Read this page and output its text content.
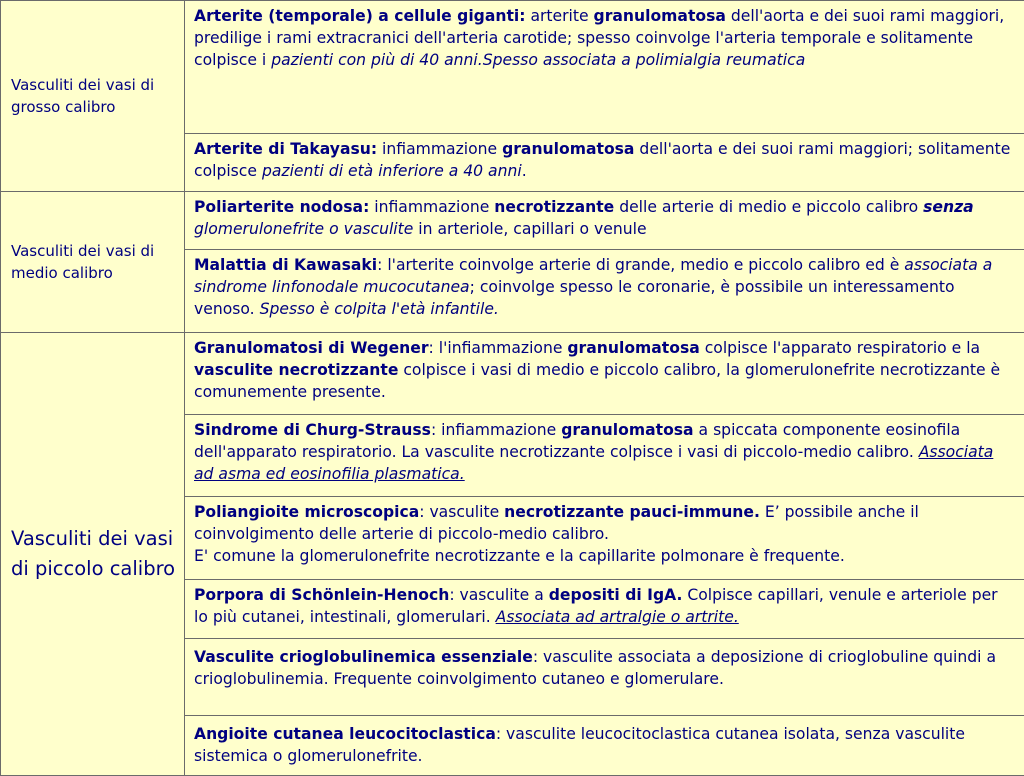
Vasculiti dei vasi di grosso calibro	Arterite (temporale) a cellule giganti: arterite granulomatosa dell'aorta e dei suoi rami maggiori, predilige i rami extracranici dell'arteria carotide; spesso coinvolge l'arteria temporale e solitamente colpisce i pazienti con più di 40 anni.Spesso associata a polimialgia reumatica
	Arterite di Takayasu: infiammazione granulomatosa dell'aorta e dei suoi rami maggiori; solitamente colpisce pazienti di età inferiore a 40 anni.
Vasculiti dei vasi di medio calibro	Poliarterite nodosa: infiammazione necrotizzante delle arterie di medio e piccolo calibro senza glomerulonefrite o vasculite in arteriole, capillari o venule
	Malattia di Kawasaki: l'arterite coinvolge arterie di grande, medio e piccolo calibro ed è associata a sindrome linfonodale mucocutanea; coinvolge spesso le coronarie, è possibile un interessamento venoso. Spesso è colpita l'età infantile.
Vasculiti dei vasi di piccolo calibro	Granulomatosi di Wegener: l'infiammazione granulomatosa colpisce l'apparato respiratorio e la vasculite necrotizzante colpisce i vasi di medio e piccolo calibro, la glomerulonefrite necrotizzante è comunemente presente.
	Sindrome di Churg-Strauss: infiammazione granulomatosa a spiccata componente eosinofila dell'apparato respiratorio. La vasculite necrotizzante colpisce i vasi di piccolo-medio calibro. Associata ad asma ed eosinofilia plasmatica.
	Poliangioite microscopica: vasculite necrotizzante pauci-immune. E’ possibile anche il coinvolgimento delle arterie di piccolo-medio calibro.
E' comune la glomerulonefrite necrotizzante e la capillarite polmonare è frequente.
	Porpora di Schönlein-Henoch: vasculite a depositi di IgA. Colpisce capillari, venule e arteriole per lo più cutanei, intestinali, glomerulari. Associata ad artralgie o artrite.
	Vasculite crioglobulinemica essenziale: vasculite associata a deposizione di crioglobuline quindi a crioglobulinemia. Frequente coinvolgimento cutaneo e glomerulare.
	Angioite cutanea leucocitoclastica: vasculite leucocitoclastica cutanea isolata, senza vasculite sistemica o glomerulonefrite.
